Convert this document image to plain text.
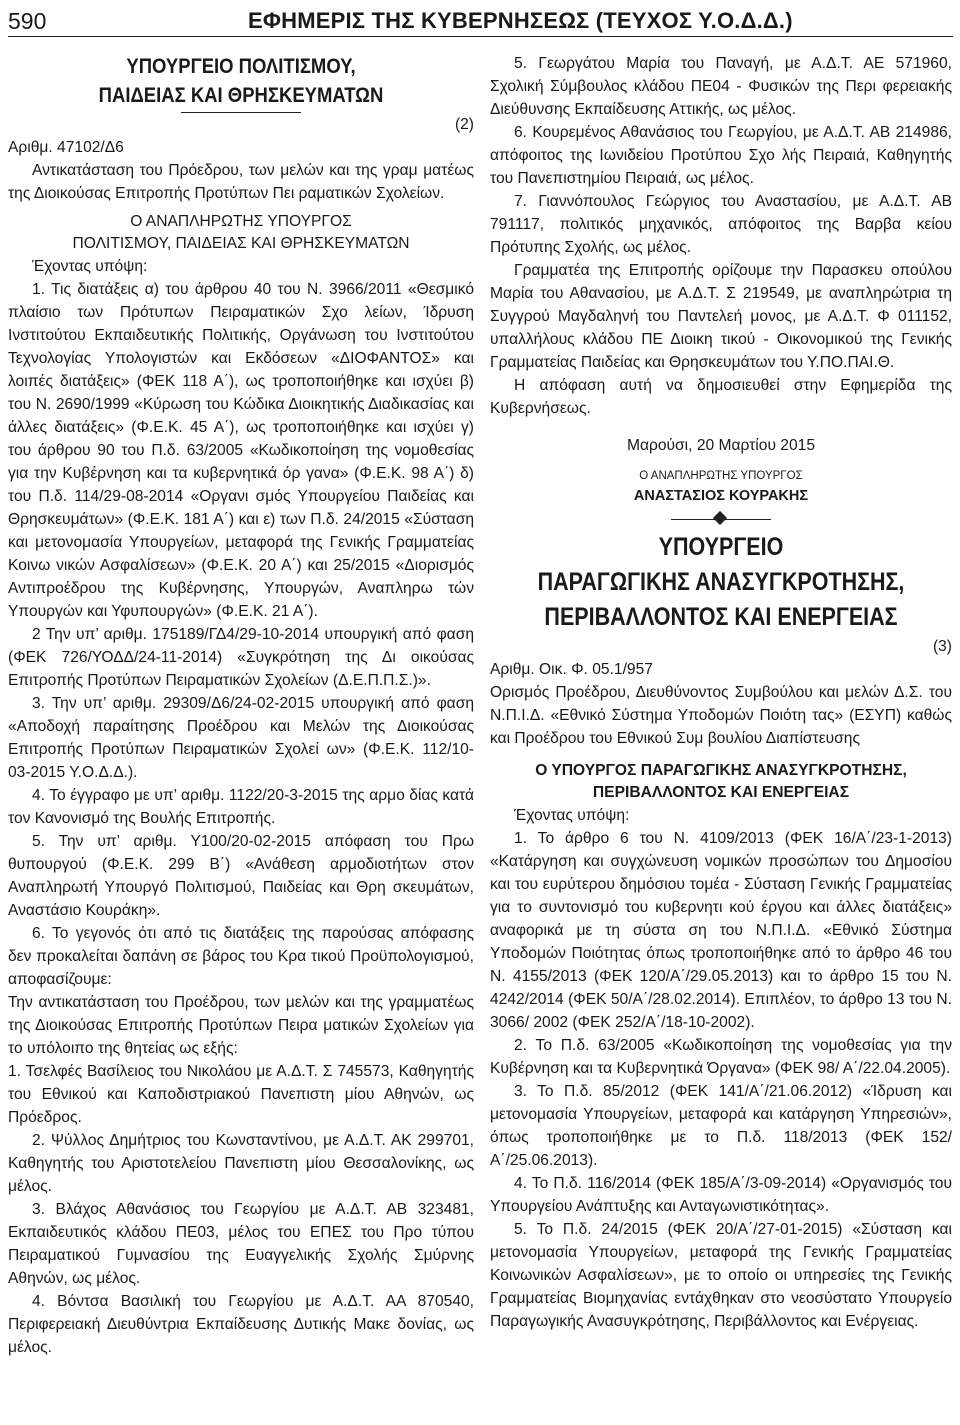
590	ΕΦΗΜΕΡΙΣ ΤΗΣ ΚΥΒΕΡΝΗΣΕΩΣ (ΤΕΥΧΟΣ Υ.Ο.Δ.Δ.)
ΥΠΟΥΡΓΕΙΟ ΠΟΛΙΤΙΣΜΟΥ,
ΠΑΙΔΕΙΑΣ ΚΑΙ ΘΡΗΣΚΕΥΜΑΤΩΝ
(2)

Αριθμ. 47102/Δ6

Αντικατάσταση του Πρόεδρου, των μελών και της γραμ ματέως της Διοικούσας Επιτροπής Προτύπων Πει ραματικών Σχολείων.

Ο ΑΝΑΠΛΗΡΩΤΗΣ ΥΠΟΥΡΓΟΣ
ΠΟΛΙΤΙΣΜΟΥ, ΠΑΙΔΕΙΑΣ ΚΑΙ ΘΡΗΣΚΕΥΜΑΤΩΝ

Έχοντας υπόψη:

1. Τις διατάξεις α) του άρθρου 40 του Ν. 3966/2011 «Θεσμικό πλαίσιο των Πρότυπων Πειραματικών Σχο λείων, Ίδρυση Ινστιτούτου Εκπαιδευτικής Πολιτικής, Οργάνωση του Ινστιτούτου Τεχνολογίας Υπολογιστών και Εκδόσεων «ΔΙΟΦΑΝΤΟΣ» και λοιπές διατάξεις» (ΦΕΚ 118 Α΄), ως τροποποιήθηκε και ισχύει β) του Ν. 2690/1999 «Κύρωση του Κώδικα Διοικητικής Διαδικασίας και άλλες διατάξεις» (Φ.Ε.Κ. 45 Α΄), ως τροποποιήθηκε και ισχύει γ) του άρθρου 90 του Π.δ. 63/2005 «Κωδικοποίηση της νομοθεσίας για την Κυβέρνηση και τα κυβερνητικά όρ γανα» (Φ.Ε.Κ. 98 Α΄) δ) του Π.δ. 114/29-08-2014 «Οργανι σμός Υπουργείου Παιδείας και Θρησκευμάτων» (Φ.Ε.Κ. 181 Α΄) και ε) των Π.δ. 24/2015 «Σύσταση και μετονομασία Υπουργείων, μεταφορά της Γενικής Γραμματείας Κοινω νικών Ασφαλίσεων» (Φ.Ε.Κ. 20 Α΄) και 25/2015 «Διορισμός Αντιπροέδρου της Κυβέρνησης, Υπουργών, Αναπληρω τών Υπουργών και Υφυπουργών» (Φ.Ε.Κ. 21 Α΄).

2 Την υπ’ αριθμ. 175189/ΓΔ4/29-10-2014 υπουργική από φαση (ΦΕΚ 726/ΥΟΔΔ/24-11-2014) «Συγκρότηση της Δι οικούσας Επιτροπής Προτύπων Πειραματικών Σχολείων (Δ.Ε.Π.Π.Σ.)».

3. Την υπ’ αριθμ. 29309/Δ6/24-02-2015 υπουργική από φαση «Αποδοχή παραίτησης Προέδρου και Μελών της Διοικούσας Επιτροπής Προτύπων Πειραματικών Σχολεί ων» (Φ.Ε.Κ. 112/10-03-2015 Υ.Ο.Δ.Δ.).

4. Το έγγραφο με υπ’ αριθμ. 1122/20-3-2015 της αρμο δίας κατά τον Κανονισμό της Βουλής Επιτροπής.

5. Την υπ’ αριθμ. Υ100/20-02-2015 απόφαση του Πρω θυπουργού (Φ.Ε.Κ. 299 Β΄) «Ανάθεση αρμοδιοτήτων στον Αναπληρωτή Υπουργό Πολιτισμού, Παιδείας και Θρη σκευμάτων, Αναστάσιο Κουράκη».

6. Το γεγονός ότι από τις διατάξεις της παρούσας απόφασης δεν προκαλείται δαπάνη σε βάρος του Κρα τικού Προϋπολογισμού, αποφασίζουμε:

Την αντικατάσταση του Προέδρου, των μελών και της γραμματέως της Διοικούσας Επιτροπής Προτύπων Πειρα ματικών Σχολείων για το υπόλοιπο της θητείας ως εξής:

1. Τσελφές Βασίλειος του Νικολάου με Α.Δ.Τ. Σ 745573, Καθηγητής του Εθνικού και Καποδιστριακού Πανεπιστη μίου Αθηνών, ως Πρόεδρος.

2. Ψύλλος Δημήτριος του Κωνσταντίνου, με Α.Δ.Τ. ΑΚ 299701, Καθηγητής του Αριστοτελείου Πανεπιστη μίου Θεσσαλονίκης, ως μέλος.

3. Βλάχος Αθανάσιος του Γεωργίου με Α.Δ.Τ. ΑΒ 323481, Εκπαιδευτικός κλάδου ΠΕ03, μέλος του ΕΠΕΣ του Προ τύπου Πειραματικού Γυμνασίου της Ευαγγελικής Σχολής Σμύρνης Αθηνών, ως μέλος.

4. Βόντσα Βασιλική του Γεωργίου με Α.Δ.Τ. ΑΑ 870540, Περιφερειακή Διευθύντρια Εκπαίδευσης Δυτικής Μακε δονίας, ως μέλος.

5. Γεωργάτου Μαρία του Παναγή, με Α.Δ.Τ. ΑΕ 571960, Σχολική Σύμβουλος κλάδου ΠΕ04 - Φυσικών της Περι φερειακής Διεύθυνσης Εκπαίδευσης Αττικής, ως μέλος.

6. Κουρεμένος Αθανάσιος του Γεωργίου, με Α.Δ.Τ. ΑΒ 214986, απόφοιτος της Ιωνιδείου Προτύπου Σχο λής Πειραιά, Καθηγητής του Πανεπιστημίου Πειραιά, ως μέλος.

7. Γιαννόπουλος Γεώργιος του Αναστασίου, με Α.Δ.Τ. ΑΒ 791117, πολιτικός μηχανικός, απόφοιτος της Βαρβα κείου Πρότυπης Σχολής, ως μέλος.

Γραμματέα της Επιτροπής ορίζουμε την Παρασκευ οπούλου Μαρία του Αθανασίου, με Α.Δ.Τ. Σ 219549, με αναπληρώτρια τη Συγγρού Μαγδαληνή του Παντελεή μονος, με Α.Δ.Τ. Φ 011152, υπαλλήλους κλάδου ΠΕ Διοικη τικού - Οικονομικού της Γενικής Γραμματείας Παιδείας και Θρησκευμάτων του Υ.ΠΟ.ΠΑΙ.Θ.

Η απόφαση αυτή να δημοσιευθεί στην Εφημερίδα της Κυβερνήσεως.

Μαρούσι, 20 Μαρτίου 2015
Ο ΑΝΑΠΛΗΡΩΤΗΣ ΥΠΟΥΡΓΟΣ
ΑΝΑΣΤΑΣΙΟΣ ΚΟΥΡΑΚΗΣ
ΥΠΟΥΡΓΕΙΟ
ΠΑΡΑΓΩΓΙΚΗΣ ΑΝΑΣΥΓΚΡΟΤΗΣΗΣ,
ΠΕΡΙΒΑΛΛΟΝΤΟΣ ΚΑΙ ΕΝΕΡΓΕΙΑΣ
(3)

Αριθμ. Οικ. Φ. 05.1/957

Ορισμός Προέδρου, Διευθύνοντος Συμβούλου και μελών Δ.Σ. του Ν.Π.Ι.Δ. «Εθνικό Σύστημα Υποδομών Ποιότη τας» (ΕΣΥΠ) καθώς και Προέδρου του Εθνικού Συμ βουλίου Διαπίστευσης

Ο ΥΠΟΥΡΓΟΣ ΠΑΡΑΓΩΓΙΚΗΣ ΑΝΑΣΥΓΚΡΟΤΗΣΗΣ,
ΠΕΡΙΒΑΛΛΟΝΤΟΣ ΚΑΙ ΕΝΕΡΓΕΙΑΣ

Έχοντας υπόψη:

1. Το άρθρο 6 του Ν. 4109/2013 (ΦΕΚ 16/Α΄/23-1-2013) «Κατάργηση και συγχώνευση νομικών προσώπων του Δημοσίου και του ευρύτερου δημόσιου τομέα - Σύσταση Γενικής Γραμματείας για το συντονισμό του κυβερνητι κού έργου και άλλες διατάξεις» αναφορικά με τη σύστα ση του Ν.Π.Ι.Δ. «Εθνικό Σύστημα Υποδομών Ποιότητας όπως τροποποιήθηκε από το άρθρο 46 του Ν. 4155/2013 (ΦΕΚ 120/Α΄/29.05.2013) και το άρθρο 15 του Ν. 4242/2014 (ΦΕΚ 50/Α΄/28.02.2014). Επιπλέον, το άρθρο 13 του Ν. 3066/ 2002 (ΦΕΚ 252/Α΄/18-10-2002).

2. Το Π.δ. 63/2005 «Κωδικοποίηση της νομοθεσίας για την Κυβέρνηση και τα Κυβερνητικά Όργανα» (ΦΕΚ 98/ Α΄/22.04.2005).

3. Το Π.δ. 85/2012 (ΦΕΚ 141/Α΄/21.06.2012) «Ίδρυση και μετονομασία Υπουργείων, μεταφορά και κατάργηση Υπηρεσιών», όπως τροποποιήθηκε με το Π.δ. 118/2013 (ΦΕΚ 152/Α΄/25.06.2013).

4. Το Π.δ. 116/2014 (ΦΕΚ 185/Α΄/3-09-2014) «Οργανισμός του Υπουργείου Ανάπτυξης και Ανταγωνιστικότητας».

5. Το Π.δ. 24/2015 (ΦΕΚ 20/Α΄/27-01-2015) «Σύσταση και μετονομασία Υπουργείων, μεταφορά της Γενικής Γραμματείας Κοινωνικών Ασφαλίσεων», με το οποίο οι υπηρεσίες της Γενικής Γραμματείας Βιομηχανίας εντάχθηκαν στο νεοσύστατο Υπουργείο Παραγωγικής Ανασυγκρότησης, Περιβάλλοντος και Ενέργειας.
